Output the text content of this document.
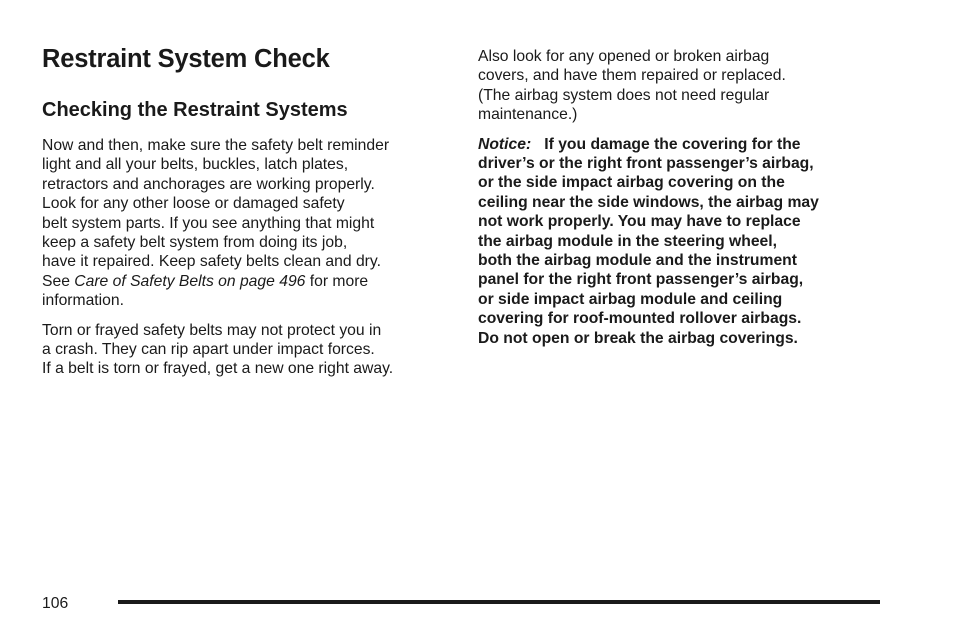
Restraint System Check
Checking the Restraint Systems

Now and then, make sure the safety belt reminder
light and all your belts, buckles, latch plates,
retractors and anchorages are working properly.
Look for any other loose or damaged safety
belt system parts. If you see anything that might
keep a safety belt system from doing its job,
have it repaired. Keep safety belts clean and dry.
See Care of Safety Belts on page 496 for more
information.

Torn or frayed safety belts may not protect you in
a crash. They can rip apart under impact forces.
If a belt is torn or frayed, get a new one right away.

Also look for any opened or broken airbag
covers, and have them repaired or replaced.
(The airbag system does not need regular
maintenance.)

Notice: If you damage the covering for the
driver’s or the right front passenger’s airbag,
or the side impact airbag covering on the
ceiling near the side windows, the airbag may
not work properly. You may have to replace
the airbag module in the steering wheel,
both the airbag module and the instrument
panel for the right front passenger’s airbag,
or side impact airbag module and ceiling
covering for roof-mounted rollover airbags.
Do not open or break the airbag coverings.

106
